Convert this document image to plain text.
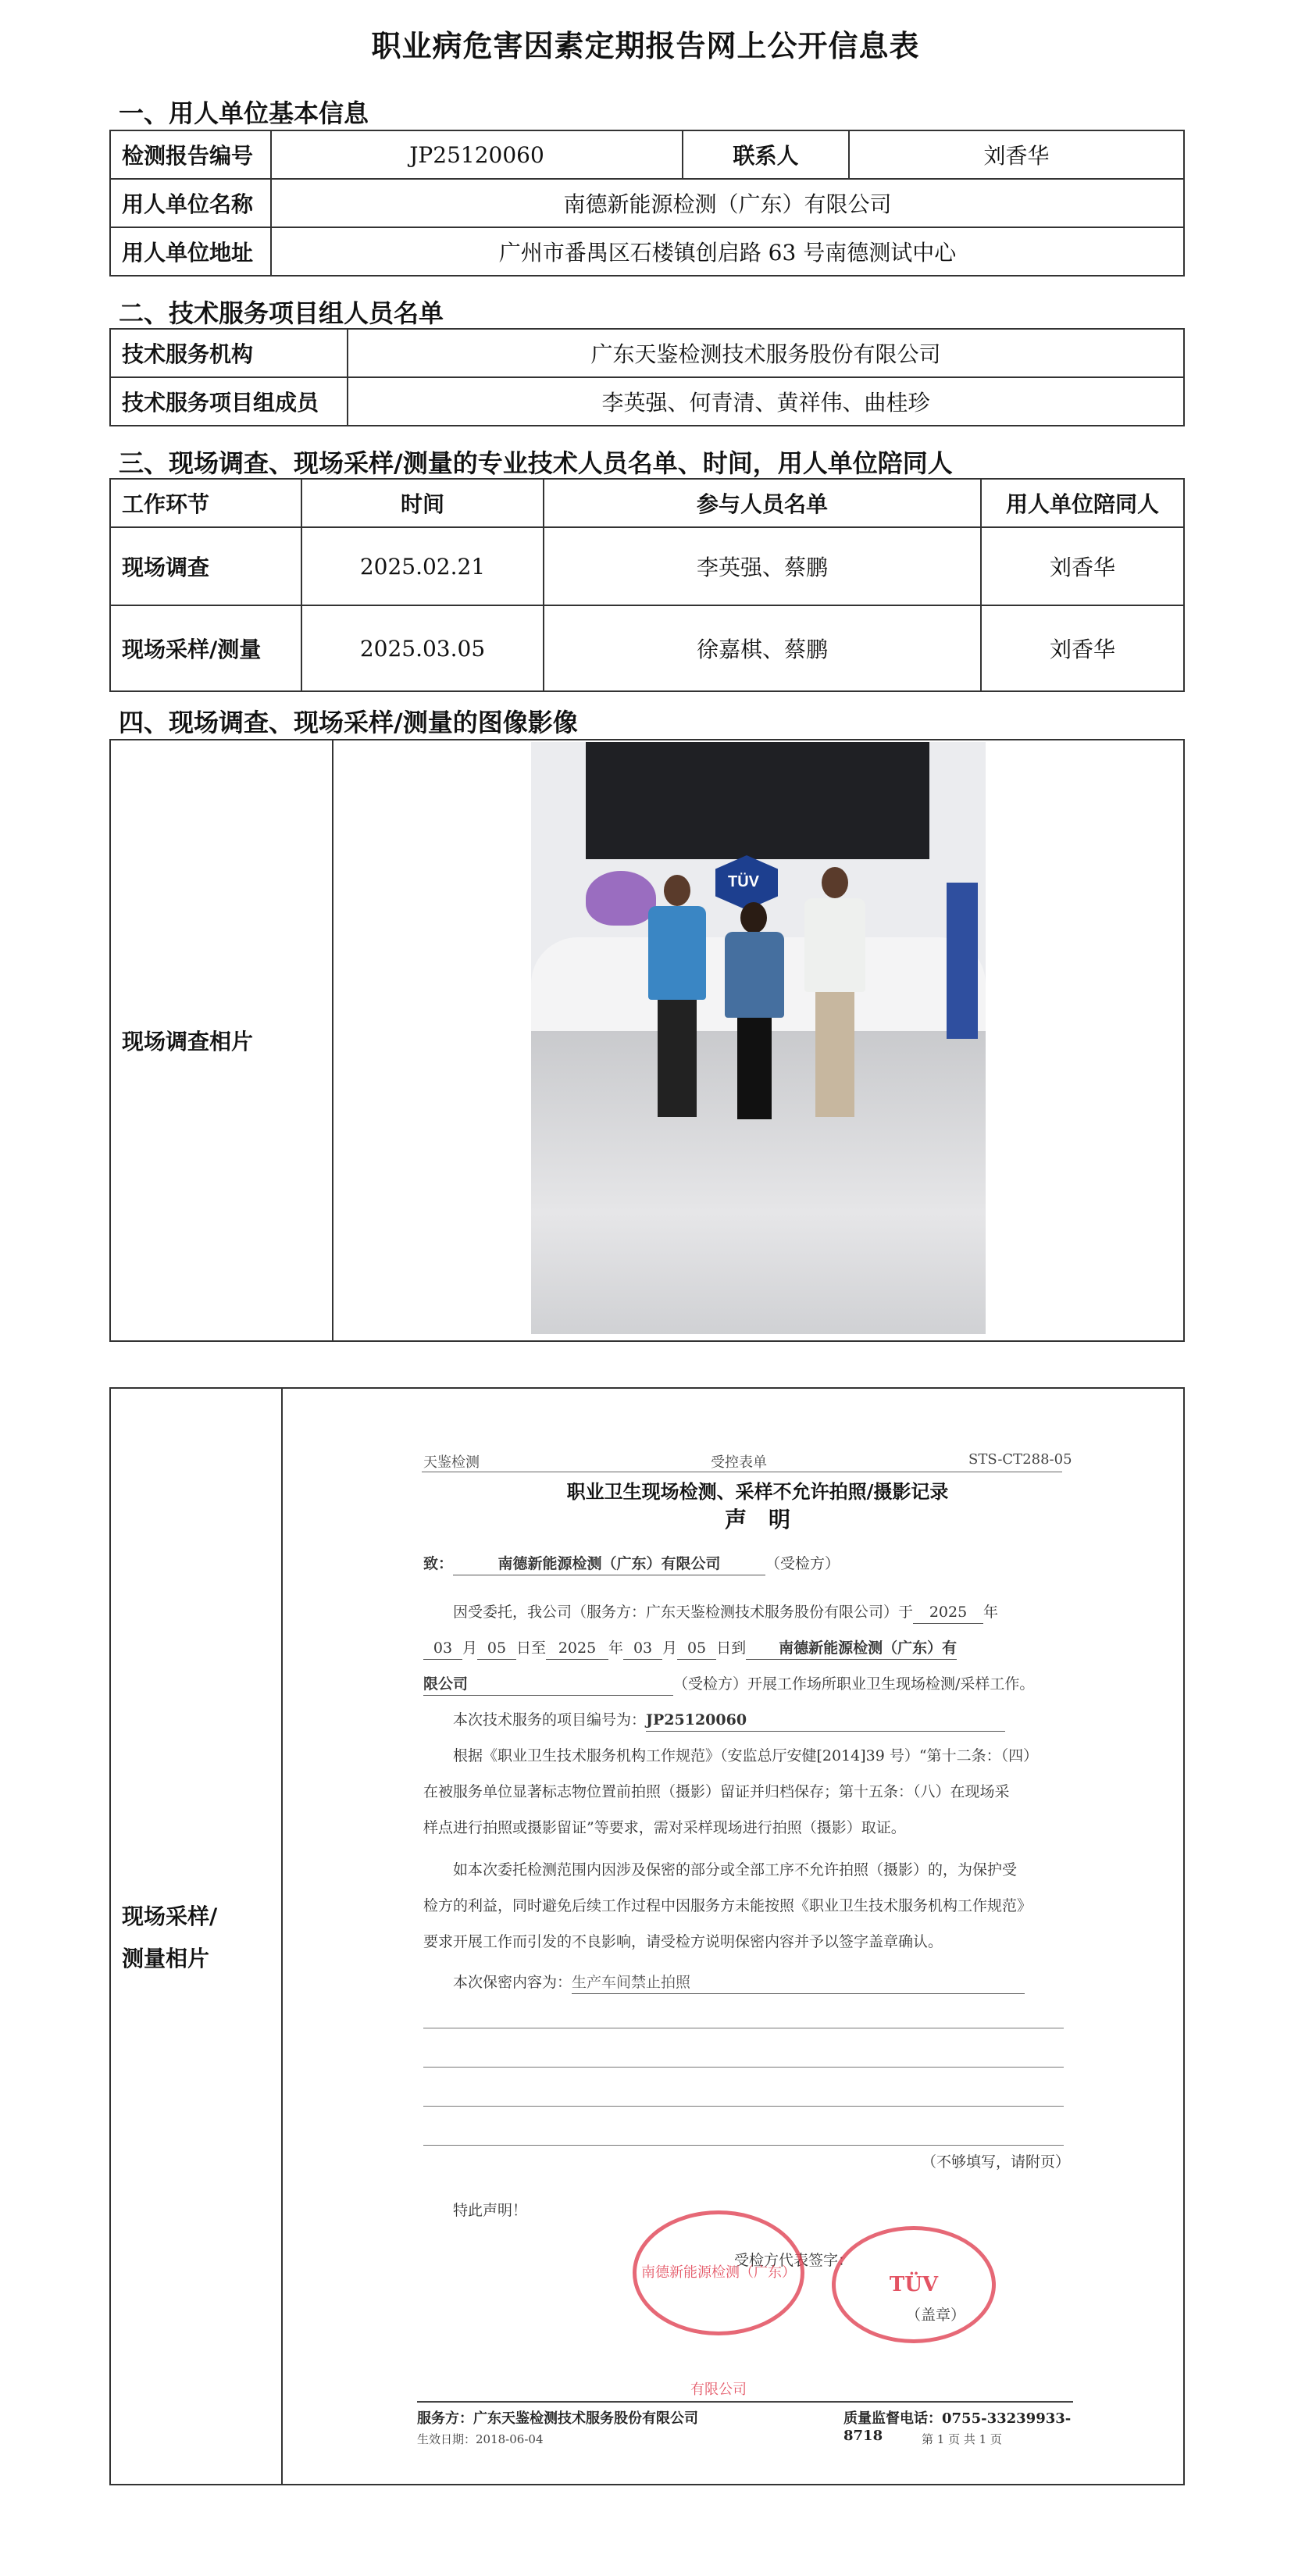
职业病危害因素定期报告网上公开信息表
一、用人单位基本信息
检测报告编号	JP25120060	联系人	刘香华
用人单位名称	南德新能源检测（广东）有限公司		
用人单位地址	广州市番禺区石楼镇创启路 63 号南德测试中心		
二、技术服务项目组人员名单
技术服务机构	广东天鉴检测技术服务股份有限公司
技术服务项目组成员	李英强、何青清、黄祥伟、曲桂珍
三、现场调查、现场采样/测量的专业技术人员名单、时间，用人单位陪同人
工作环节	时间	参与人员名单	用人单位陪同人
现场调查	2025.02.21	李英强、蔡鹏	刘香华
现场采样/测量	2025.03.05	徐嘉棋、蔡鹏	刘香华
四、现场调查、现场采样/测量的图像影像
现场调查相片	
TÜV
现场采样/
测量相片

天鉴检测	受控表单	STS-CT288-05
职业卫生现场检测、采样不允许拍照/摄影记录
声　明
致：	南德新能源检测（广东）有限公司	（受检方）
因受委托，我公司（服务方：广东天鉴检测技术服务股份有限公司）于 2025 年
03 月 05 日至 2025 年 03 月 05 日到 南德新能源检测（广东）有
限公司	（受检方）开展工作场所职业卫生现场检测/采样工作。
本次技术服务的项目编号为：JP25120060
根据《职业卫生技术服务机构工作规范》（安监总厅安健[2014]39 号）“第十二条：（四）
在被服务单位显著标志物位置前拍照（摄影）留证并归档保存；第十五条：（八）在现场采
样点进行拍照或摄影留证”等要求，需对采样现场进行拍照（摄影）取证。
如本次委托检测范围内因涉及保密的部分或全部工序不允许拍照（摄影）的，为保护受
检方的利益，同时避免后续工作过程中因服务方未能按照《职业卫生技术服务机构工作规范》
要求开展工作而引发的不良影响，请受检方说明保密内容并予以签字盖章确认。
本次保密内容为：生产车间禁止拍照
（不够填写，请附页）
特此声明！
受检方代表签字：
（盖章）
南德新能源检测（广东）有限公司
TÜV
服务方：广东天鉴检测技术服务股份有限公司	质量监督电话：0755-33239933-8718
生效日期：2018-06-04	第 1 页 共 1 页
